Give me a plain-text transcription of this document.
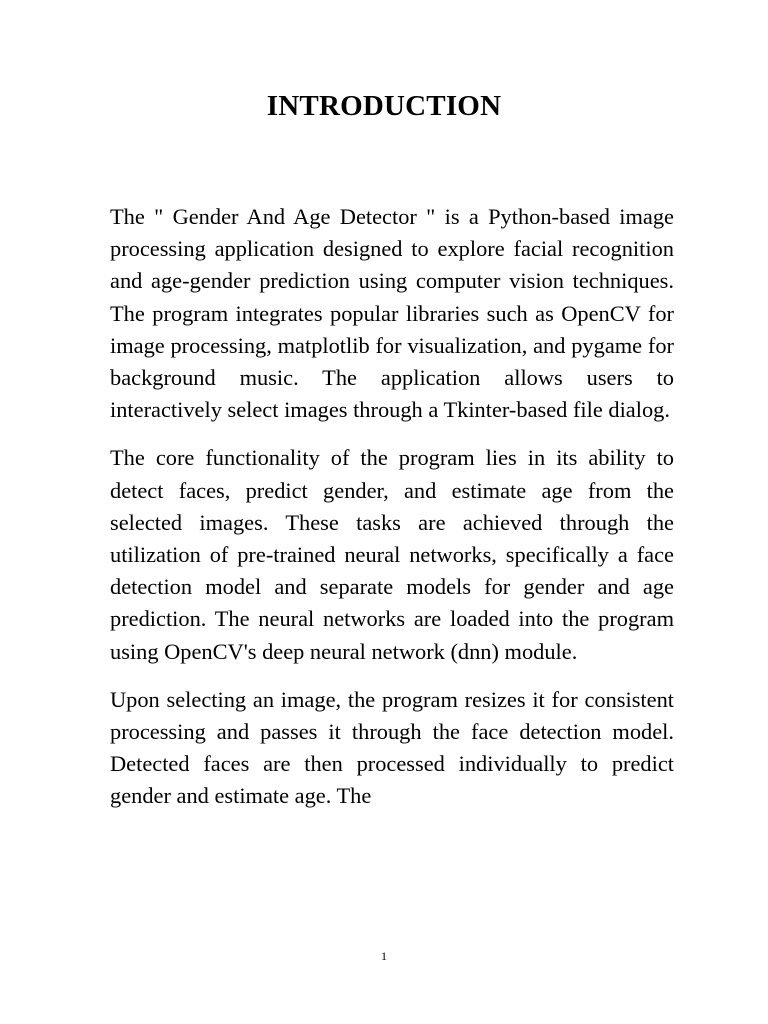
INTRODUCTION

The " Gender And Age Detector " is a Python-based image processing application designed to explore facial recognition and age-gender prediction using computer vision techniques. The program integrates popular libraries such as OpenCV for image processing, matplotlib for visualization, and pygame for background music. The application allows users to interactively select images through a Tkinter-based file dialog.

The core functionality of the program lies in its ability to detect faces, predict gender, and estimate age from the selected images. These tasks are achieved through the utilization of pre-trained neural networks, specifically a face detection model and separate models for gender and age prediction. The neural networks are loaded into the program using OpenCV's deep neural network (dnn) module.

Upon selecting an image, the program resizes it for consistent processing and passes it through the face detection model. Detected faces are then processed individually to predict gender and estimate age. The

1
